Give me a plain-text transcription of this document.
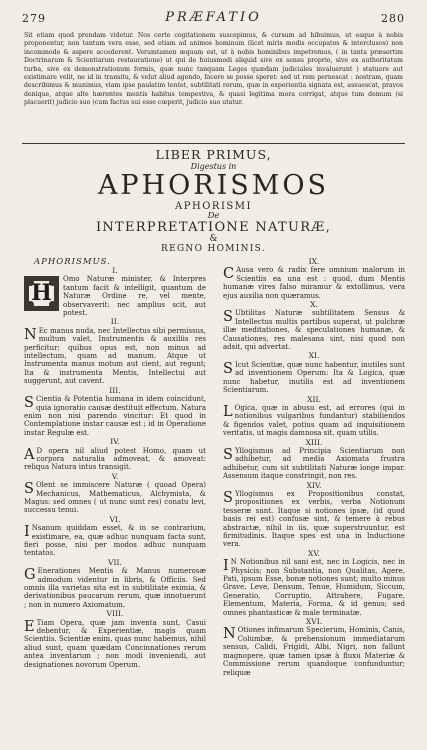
279	PRÆFATIO	280
Sit etiam quod prendam videtur. Nos certe cogitationem suscepimus, & cursum ad hibuimus, ut eaque à nobis proponentur, non tantum vera esse, sed etiam ad animos hominum (licet miris modis occupatos & interclusos) non incommode & aspere accederent. Verumtamen æquum est, ut à nobis hominibus impetremus, ( in tanta præsertim Doctrinarum & Scientiarum restauratione) ut qui de huiusmodi aliquid sive ex sensu proprio, sive ex authoritatum turba, sive ex demonstrationum formis, quæ nunc tanquam Leges quædam judiciales invaluerunt ) statuere aut existimare velit, ne id in transitu, & velut aliud agendo, facere se posse speret: sed ut rem pernoscat : nostram, quam describimus & munimus, viam ipse paulatim tentet, subtilitati rerum, quæ in experientia signata est, assuescat, pravos denique, atque alte hærentes mentis habitus tempestiva, & quasi legitima mora corrigat, atque tum demum (si placuerit) judicio suo (cum factus sui esse cœperit, judicio suo utatur.
LIBER PRIMUS,
Digestus in
APHORISMOS
APHORISMI
De
INTERPRETATIONE NATURÆ,
&
REGNO HOMINIS.
APHORISMUS.
I.
H
Omo Naturæ minister, & Interpres tantum facit & intelligit, quantum de Naturæ Ordine re, vel mente, observaverit: nec amplius scit, aut potest.
II.
N Ec manus nuda, nec Intellectus sibi permissus, multum valet, Instrumentis & auxiliis res perficitur; quibus opus est, non minus ad intellectum, quam ad manum. Atque ut Instrumenta manus motum aut cient, aut regunt; Ita & instrumenta Mentis, Intellectui aut suggerunt, aut cavent.
III.
S Cientia & Potentia humana in idem coincidunt, quia ignoratio causæ destituit effectum. Natura enim non nisi parendo vincitur: Et quod in Contemplatione instar causæ est ; id in Operatione instar Regulæ est.
IV.
A D opera nil aliud potest Homo, quam ut corpora naturalia admoveat, & amoveat: reliqua Natura intus transigit.
V.
S Olent se immiscere Naturæ ( quoad Opera) Mechanicus, Mathematicus, Alchymista, & Magus: sed omnes ( ut nunc sunt res) conatu levi, successu tenui.
VI.
I Nsanum quiddam esset, & in se contrarium, existimare, ea, quæ adhuc nunquam facta sunt, fieri posse, nisi per modos adhuc nunquam tentatos.
VII.
G Enerationes Mentis & Manus numerosæ admodum videntur in libris, & Officiis. Sed omnis illa varietas sita est in subtilitate eximia, & derivationibus paucarum rerum, quæ innotuerunt ; non in numero Axiomatum.
VIII.
E Tiam Opera, quæ jam inventa sunt, Casui debentur, & Experientiæ, magis quam Scientiis. Scientiæ enim, quas nunc habemus, nihil aliud sunt, quam quædam Concinnationes rerum antea inventarum ; non modi inveniendi, aut designationes novorum Operum.
IX.
C Ausa vero & radix fere omnium malorum in Scientiis ea una est : quod, dum Mentis humanæ vires falso miramur & extollimus, vera ejus auxilia non quæramus.
X.
S Ubtilitas Naturæ subtilitatem Sensus & Intellectus multis partibus superat, ut pulchræ illæ meditationes, & speculationes humanæ, & Causationes, res malesana sint, nisi quod non adsit, qui advertat.
XI.
S Icut Scientiæ, quæ nunc habentur, inutiles sunt ad inventionem Operum: Ita & Logica, quæ nunc habetur, inutilis est ad inventionem Scientiarum.
XII.
L Ogica, quæ in abusu est, ad errores (qui in notionibus vulgaribus fundantur) stabiliendos & figendos valet, potius quam ad inquisitionem veritatis, ut magis damnosa sit, quam utilis.
XIII.
S Yllogismus ad Principia Scientiarum non adhibetur, ad media Axiomata frustra adhibetur, cum sit subtilitati Naturæ longe impar. Assensum itaque constringit, non res.
XIV.
S Yllogismus ex Propositionibus constat, propositiones ex verbis, verba Notionum tesseræ sunt. Itaque si notiones ipsæ, (id quod basis rei est) confusæ sint, & temere à rebus abstractæ, nihil in iis, quæ superstruuntur, est firmitudinis. Itaque spes est una in Inductione vera.
XV.
I N Notionibus nil sani est, nec in Logicis, nec in Physicis; non Substantia, non Qualitas, Agere, Pati, ipsum Esse, bonæ notiones sunt; multo minus Grave, Leve, Densum, Tenue, Humidum, Siccum, Generatio, Corruptio, Attrahere, Fugare, Elementum, Materia, Forma, & id genus; sed omnes phantasticæ & male terminatæ.
XVI.
N Otiones infimarum Specierum, Hominis, Canis, Columbæ, & prehensionum immediatarum sensus, Calidi, Frigidi, Albi, Nigri, non fallunt magnopere, quæ tamen ipsæ à fluxu Materiæ & Commissione rerum quandoque confunduntur; reliquæ
